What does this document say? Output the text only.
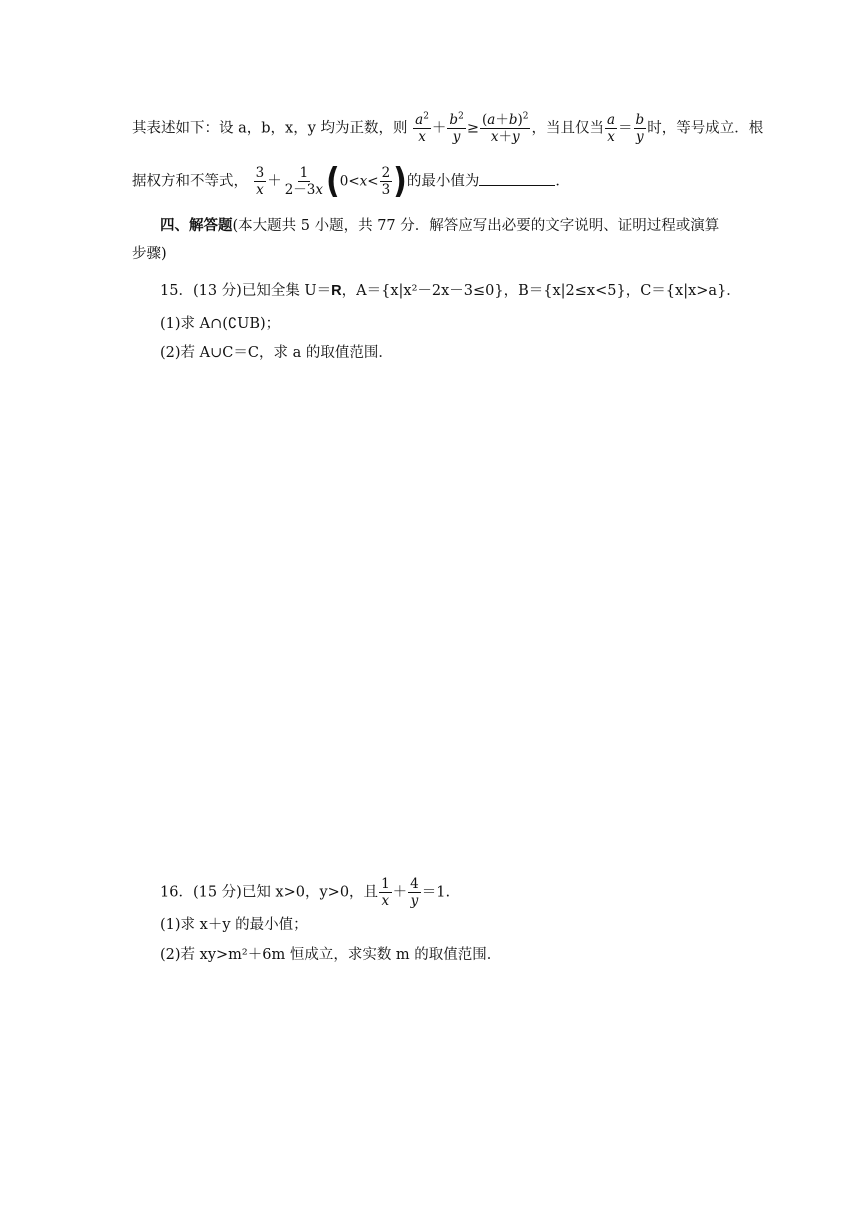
其表述如下：设 a，b，x，y 均为正数，则 $\frac{a^2}{x} + \frac{b^2}{y} \ge \frac{(a+b)^2}{x+y}$ ，当且仅当 $\frac{a}{x} = \frac{b}{y}$ 时，等号成立．根
据权方和不等式， $\frac{3}{x} + \frac{1}{2-3x} (0<x< \frac{2}{3}$ )的最小值为	．
四、解答题(本大题共 5 小题，共 77 分．解答应写出必要的文字说明、证明过程或演算
步骤)
15．(13 分)已知全集 U＝R，A＝{x|x²－2x－3≤0}，B＝{x|2≤x<5}，C＝{x|x>a}．
(1)求 A∩(∁UB)；
(2)若 A∪C＝C，求 a 的取值范围．
16．(15 分)已知 x>0，y>0，且 $\frac{1}{x} + \frac{4}{y} =1$.
(1)求 x＋y 的最小值；
(2)若 xy>m²＋6m 恒成立，求实数 m 的取值范围．
